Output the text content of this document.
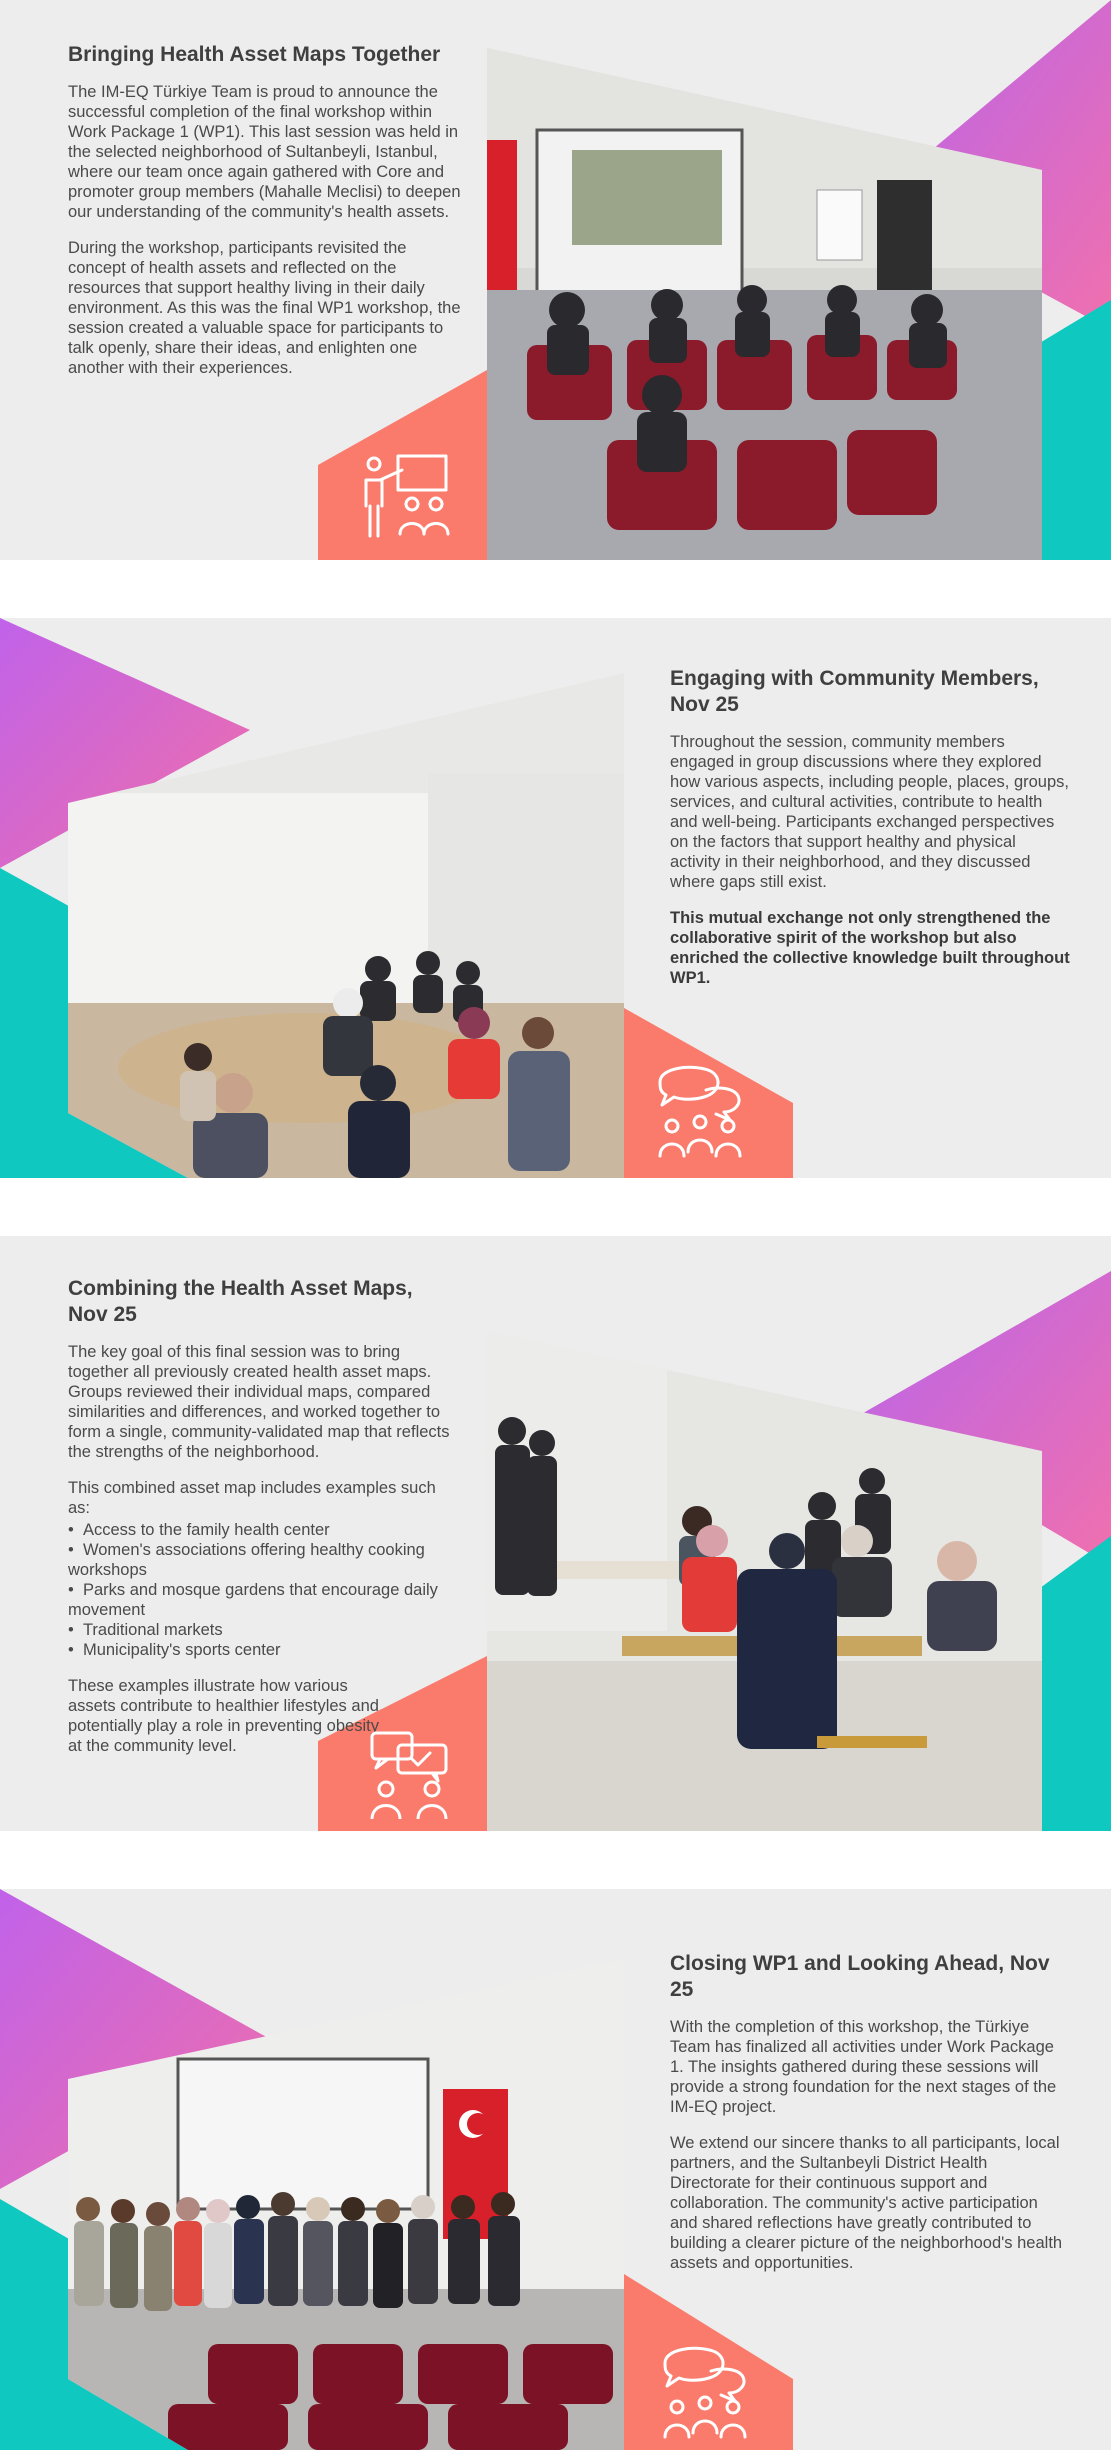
Bringing Health Asset Maps Together

The IM-EQ Türkiye Team is proud to announce the successful completion of the final workshop within Work Package 1 (WP1). This last session was held in the selected neighborhood of Sultanbeyli, Istanbul, where our team once again gathered with Core and promoter group members (Mahalle Meclisi) to deepen our understanding of the community's health assets.

During the workshop, participants revisited the concept of health assets and reflected on the resources that support healthy living in their daily environment. As this was the final WP1 workshop, the session created a valuable space for participants to talk openly, share their ideas, and enlighten one another with their experiences.

Engaging with Community Members, Nov 25

Throughout the session, community members engaged in group discussions where they explored how various aspects, including people, places, groups, services, and cultural activities, contribute to health and well-being. Participants exchanged perspectives on the factors that support healthy and physical activity in their neighborhood, and they discussed where gaps still exist.

This mutual exchange not only strengthened the collaborative spirit of the workshop but also enriched the collective knowledge built throughout WP1.

Combining the Health Asset Maps, Nov 25

The key goal of this final session was to bring together all previously created health asset maps. Groups reviewed their individual maps, compared similarities and differences, and worked together to form a single, community-validated map that reflects the strengths of the neighborhood.

This combined asset map includes examples such as:

•  Access to the family health center
•  Women's associations offering healthy cooking workshops
•  Parks and mosque gardens that encourage daily movement
•  Traditional markets
•  Municipality's sports center

These examples illustrate how various assets contribute to healthier lifestyles and potentially play a role in preventing obesity at the community level.

Closing WP1 and Looking Ahead, Nov 25

With the completion of this workshop, the Türkiye Team has finalized all activities under Work Package 1. The insights gathered during these sessions will provide a strong foundation for the next stages of the IM-EQ project.

We extend our sincere thanks to all participants, local partners, and the Sultanbeyli District Health Directorate for their continuous support and collaboration. The community's active participation and shared reflections have greatly contributed to building a clearer picture of the neighborhood's health assets and opportunities.
